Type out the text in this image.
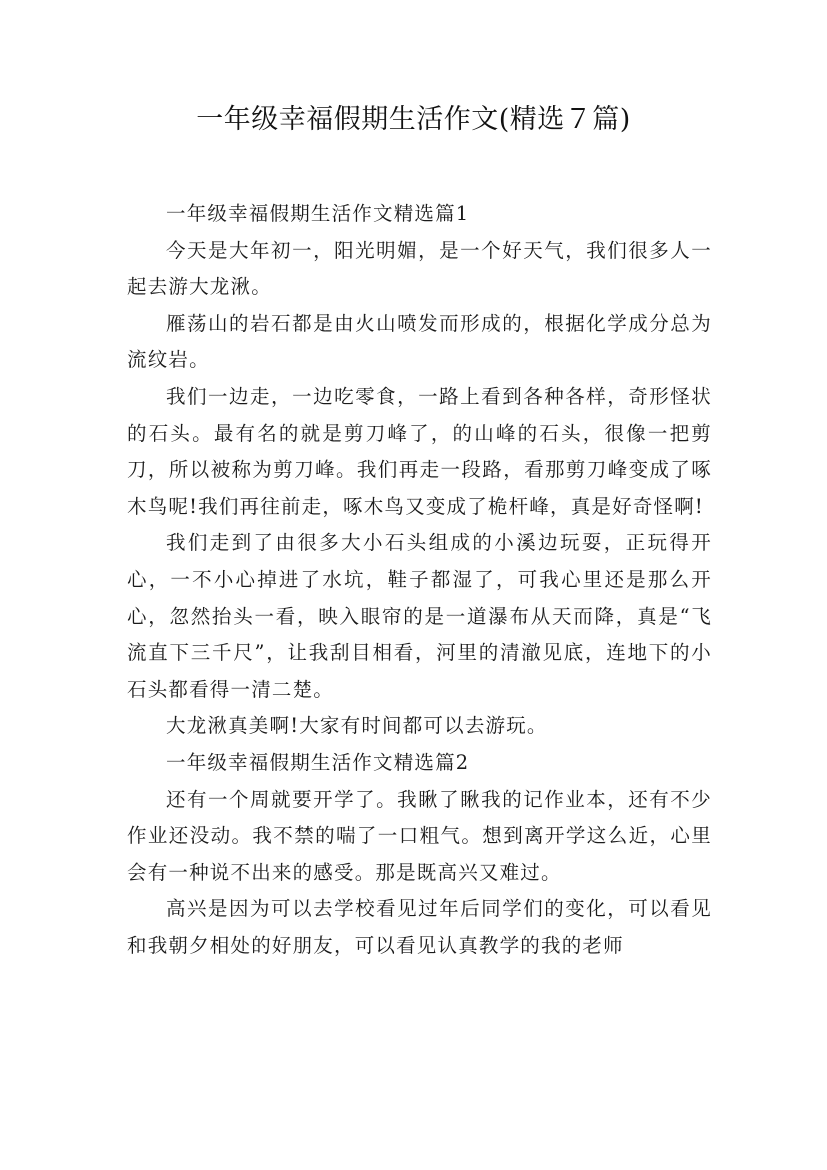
一年级幸福假期生活作文(精选７篇)

一年级幸福假期生活作文精选篇1

今天是大年初一，阳光明媚，是一个好天气，我们很多人一起去游大龙湫。

雁荡山的岩石都是由火山喷发而形成的，根据化学成分总为流纹岩。

我们一边走，一边吃零食，一路上看到各种各样，奇形怪状的石头。最有名的就是剪刀峰了，的山峰的石头，很像一把剪刀，所以被称为剪刀峰。我们再走一段路，看那剪刀峰变成了啄木鸟呢!我们再往前走，啄木鸟又变成了桅杆峰，真是好奇怪啊!

我们走到了由很多大小石头组成的小溪边玩耍，正玩得开心，一不小心掉进了水坑，鞋子都湿了，可我心里还是那么开心，忽然抬头一看，映入眼帘的是一道瀑布从天而降，真是“飞流直下三千尺”，让我刮目相看，河里的清澈见底，连地下的小石头都看得一清二楚。

大龙湫真美啊!大家有时间都可以去游玩。

一年级幸福假期生活作文精选篇2

还有一个周就要开学了。我瞅了瞅我的记作业本，还有不少作业还没动。我不禁的喘了一口粗气。想到离开学这么近，心里会有一种说不出来的感受。那是既高兴又难过。

高兴是因为可以去学校看见过年后同学们的变化，可以看见和我朝夕相处的好朋友，可以看见认真教学的我的老师
